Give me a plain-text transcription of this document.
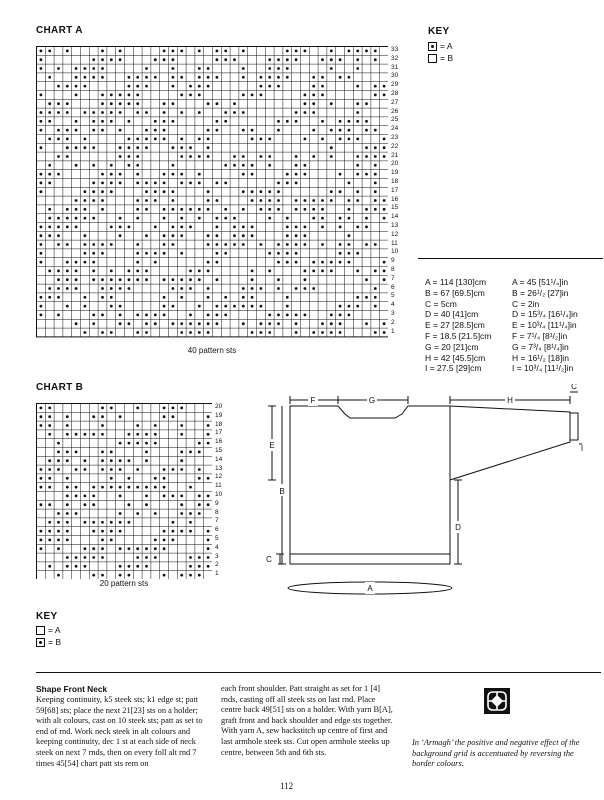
CHART A
33
32
31
30
29
28
27
26
25
24
23
22
21
20
19
18
17
16
15
14
13
12
11
10
9
8
7
6
5
4
3
2
1
40 pattern sts
KEY
= A
= B
A = 114 [130]cm
B = 67 [69.5]cm
C = 5cm
D = 40 [41]cm
E = 27 [28.5]cm
F = 18.5 [21.5]cm
G = 20 [21]cm
H = 42 [45.5]cm
I = 27.5 [29]cm
A = 45 [51¹/₄]in
B = 26¹/₂ [27]in
C = 2in
D = 15³/₄ [16¹/₄]in
E = 10³/₄ [11¹/₄]in
F = 7¹/₄ [8¹/₂]in
G = 7³/₄ [8¹/₄]in
H = 16¹/₂ [18]in
I = 10³/₄ [11¹/₂]in
CHART B
20
19
18
17
16
15
14
13
12
11
10
9
8
7
6
5
4
3
2
1
20 pattern sts
KEY
= A
= B
F	G	H
C
E
B
D
C
A
I
Shape Front Neck
Keeping continuity, k5 steek sts; k1 edge st; patt 59[68] sts; place the next 21[23] sts on a holder; with alt colours, cast on 10 steek sts; patt as set to end of rnd. Work neck steek in alt colours and keeping continuity, dec 1 st at each side of neck steek on next 7 rnds, then on every foll alt rnd 7 times 45[54] chart patt sts rem on
each front shoulder. Patt straight as set for 1 [4] rnds, casting off all steek sts on last rnd. Place centre back 49[51] sts on a holder. With yarn B[A], graft front and back shoulder and edge sts together. With yarn A, sew backstitch up centre of first and last armhole steek sts. Cut open armhole steeks up centre, between 5th and 6th sts.
In ‘Armagh’ the positive and negative effect of the background grid is accentuated by reversing the border colours.
112
